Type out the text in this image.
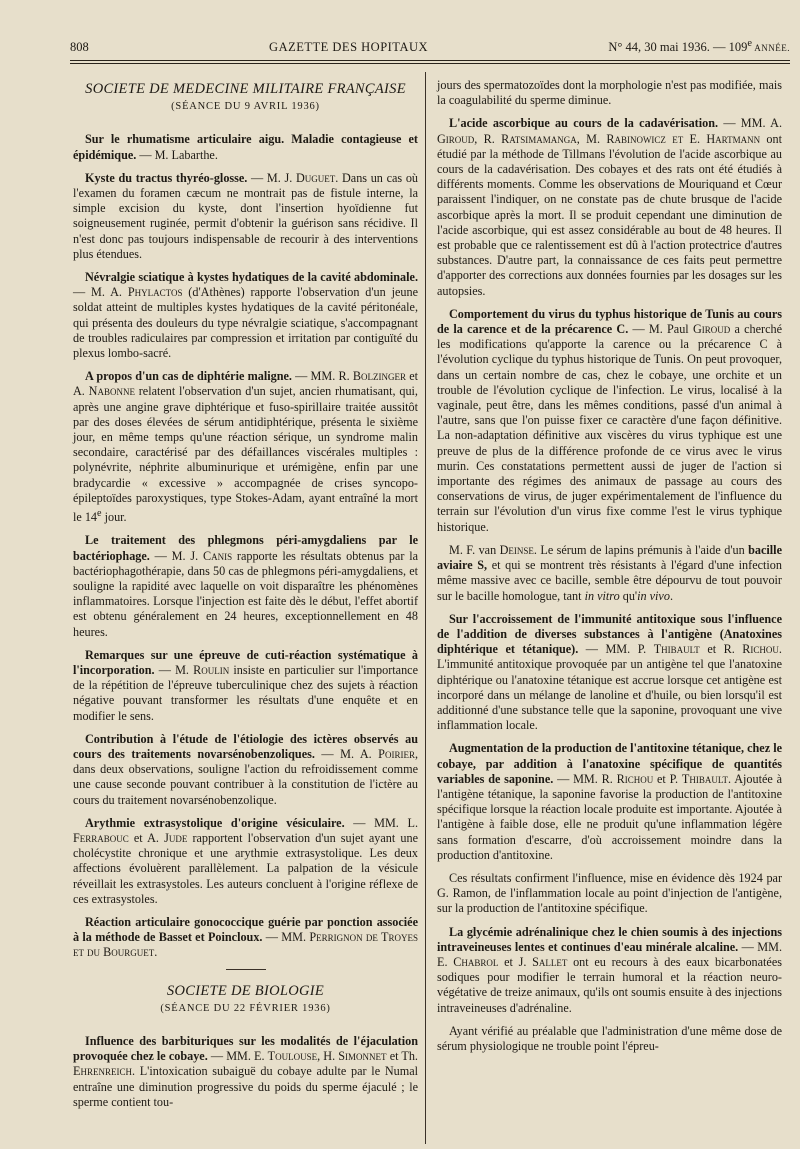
808	GAZETTE DES HOPITAUX	N° 44, 30 mai 1936. — 109e ANNÉE.
SOCIETE DE MEDECINE MILITAIRE FRANÇAISE
(SÉANCE DU 9 AVRIL 1936)

Sur le rhumatisme articulaire aigu. Maladie contagieuse et épidémique. — M. Labarthe.

Kyste du tractus thyréo-glosse. — M. J. Duguet. Dans un cas où l'examen du foramen cæcum ne montrait pas de fistule interne, la simple excision du kyste, dont l'insertion hyoïdienne fut soigneusement ruginée, permit d'obtenir la guérison sans récidive. Il n'est donc pas toujours indispensable de recourir à des interventions plus étendues.

Névralgie sciatique à kystes hydatiques de la cavité abdominale. — M. A. Phylactos (d'Athènes) rapporte l'observation d'un jeune soldat atteint de multiples kystes hydatiques de la cavité péritonéale, qui présenta des douleurs du type névralgie sciatique, s'accompagnant de troubles radiculaires par compression et irritation par contiguïté du plexus lombo-sacré.

A propos d'un cas de diphtérie maligne. — MM. R. Bolzinger et A. Nabonne relatent l'observation d'un sujet, ancien rhumatisant, qui, après une angine grave diphtérique et fuso-spirillaire traitée aussitôt par des doses élevées de sérum antidiphtérique, présenta le sixième jour, en même temps qu'une réaction sérique, un syndrome malin secondaire, caractérisé par des défaillances viscérales multiples : polynévrite, néphrite albuminurique et urémigène, enfin par une bradycardie « excessive » accompagnée de crises syncopo-épileptoïdes paroxystiques, type Stokes-Adam, ayant entraîné la mort le 14e jour.

Le traitement des phlegmons péri-amygdaliens par le bactériophage. — M. J. Canis rapporte les résultats obtenus par la bactériophagothérapie, dans 50 cas de phlegmons péri-amygdaliens, et souligne la rapidité avec laquelle on voit disparaître les phénomènes inflammatoires. Lorsque l'injection est faite dès le début, l'effet abortif est obtenu généralement en 24 heures, exceptionnellement en 48 heures.

Remarques sur une épreuve de cuti-réaction systématique à l'incorporation. — M. Roulin insiste en particulier sur l'importance de la répétition de l'épreuve tuberculinique chez des sujets à réaction négative pouvant transformer les résultats d'une enquête et en modifier le sens.

Contribution à l'étude de l'étiologie des ictères observés au cours des traitements novarsénobenzoliques. — M. A. Poirier, dans deux observations, souligne l'action du refroidissement comme une cause seconde pouvant contribuer à la constitution de l'ictère au cours du traitement novarsénobenzolique.

Arythmie extrasystolique d'origine vésiculaire. — MM. L. Ferrabouc et A. Jude rapportent l'observation d'un sujet ayant une cholécystite chronique et une arythmie extrasystolique. Les deux affections évoluèrent parallèlement. La palpation de la vésicule réveillait les extrasystoles. Les auteurs concluent à l'origine réflexe de ces extrasystoles.

Réaction articulaire gonococcique guérie par ponction associée à la méthode de Basset et Poincloux. — MM. Perrignon de Troyes et du Bourguet.

SOCIETE DE BIOLOGIE
(SÉANCE DU 22 FÉVRIER 1936)

Influence des barbituriques sur les modalités de l'éjaculation provoquée chez le cobaye. — MM. E. Toulouse, H. Simonnet et Th. Ehrenreich. L'intoxication subaiguë du cobaye adulte par le Numal entraîne une diminution progressive du poids du sperme éjaculé ; le sperme contient tou-

jours des spermatozoïdes dont la morphologie n'est pas modifiée, mais la coagulabilité du sperme diminue.

L'acide ascorbique au cours de la cadavérisation. — MM. A. Giroud, R. Ratsimamanga, M. Rabinowicz et E. Hartmann ont étudié par la méthode de Tillmans l'évolution de l'acide ascorbique au cours de la cadavérisation. Des cobayes et des rats ont été étudiés à différents moments. Comme les observations de Mouriquand et Cœur paraissent l'indiquer, on ne constate pas de chute brusque de l'acide ascorbique après la mort. Il se produit cependant une diminution de l'acide ascorbique, qui est assez considérable au bout de 48 heures. Il est probable que ce ralentissement est dû à l'action protectrice d'autres substances. D'autre part, la connaissance de ces faits peut permettre d'apporter des corrections aux données fournies par les dosages sur les autopsies.

Comportement du virus du typhus historique de Tunis au cours de la carence et de la précarence C. — M. Paul Giroud a cherché les modifications qu'apporte la carence ou la précarence C à l'évolution cyclique du typhus historique de Tunis. On peut provoquer, dans un certain nombre de cas, chez le cobaye, une orchite et un trouble de l'évolution cyclique de l'infection. Le virus, localisé à la vaginale, peut être, dans les mêmes conditions, passé d'un animal à l'autre, sans que l'on puisse fixer ce caractère d'une façon définitive. La non-adaptation définitive aux viscères du virus typhique est une preuve de plus de la différence profonde de ce virus avec le virus murin. Ces constatations permettent aussi de juger de l'action si importante des régimes des animaux de passage au cours des conservations de virus, de juger expérimentalement de l'influence du terrain sur l'évolution d'un virus fixe comme l'est le virus typhique historique.

M. F. van Deinse. Le sérum de lapins prémunis à l'aide d'un bacille aviaire S, et qui se montrent très résistants à l'égard d'une infection même massive avec ce bacille, semble être dépourvu de tout pouvoir sur le bacille homologue, tant in vitro qu'in vivo.

Sur l'accroissement de l'immunité antitoxique sous l'influence de l'addition de diverses substances à l'antigène (Anatoxines diphtérique et tétanique). — MM. P. Thibault et R. Richou. L'immunité antitoxique provoquée par un antigène tel que l'anatoxine diphtérique ou l'anatoxine tétanique est accrue lorsque cet antigène est incorporé dans un mélange de lanoline et d'huile, ou bien lorsqu'il est additionné d'une substance telle que la saponine, provoquant une vive inflammation locale.

Augmentation de la production de l'antitoxine tétanique, chez le cobaye, par addition à l'anatoxine spécifique de quantités variables de saponine. — MM. R. Richou et P. Thibault. Ajoutée à l'antigène tétanique, la saponine favorise la production de l'antitoxine spécifique lorsque la réaction locale produite est importante. Ajoutée à l'antigène à faible dose, elle ne produit qu'une inflammation légère sans formation d'escarre, d'où accroissement moindre dans la production d'antitoxine.

Ces résultats confirment l'influence, mise en évidence dès 1924 par G. Ramon, de l'inflammation locale au point d'injection de l'antigène, sur la production de l'antitoxine spécifique.

La glycémie adrénalinique chez le chien soumis à des injections intraveineuses lentes et continues d'eau minérale alcaline. — MM. E. Chabrol et J. Sallet ont eu recours à des eaux bicarbonatées sodiques pour modifier le terrain humoral et la réaction neuro-végétative de treize animaux, qu'ils ont soumis ensuite à des injections intraveineuses d'adrénaline.

Ayant vérifié au préalable que l'administration d'une même dose de sérum physiologique ne trouble point l'épreu-
